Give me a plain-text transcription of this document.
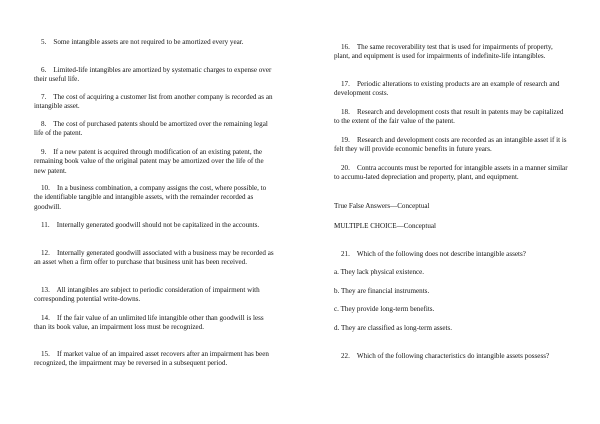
5. Some intangible assets are not required to be amortized every year.

6. Limited-life intangibles are amortized by systematic charges to expense over their useful life.

7. The cost of acquiring a customer list from another company is recorded as an intangible asset.

8. The cost of purchased patents should be amortized over the remaining legal life of the patent.

9. If a new patent is acquired through modification of an existing patent, the remaining book value of the original patent may be amortized over the life of the new patent.

10. In a business combination, a company assigns the cost, where possible, to the identifiable tangible and intangible assets, with the remainder recorded as goodwill.

11. Internally generated goodwill should not be capitalized in the accounts.

12. Internally generated goodwill associated with a business may be recorded as an asset when a firm offer to purchase that business unit has been received.

13. All intangibles are subject to periodic consideration of impairment with corresponding potential write-downs.

14. If the fair value of an unlimited life intangible other than goodwill is less than its book value, an impairment loss must be recognized.

15. If market value of an impaired asset recovers after an impairment has been recognized, the impairment may be reversed in a subsequent period.

16. The same recoverability test that is used for impairments of property, plant, and equipment is used for impairments of indefinite-life intangibles.

17. Periodic alterations to existing products are an example of research and development costs.

18. Research and development costs that result in patents may be capitalized to the extent of the fair value of the patent.

19. Research and development costs are recorded as an intangible asset if it is felt they will provide economic benefits in future years.

20. Contra accounts must be reported for intangible assets in a manner similar to accumu-lated depreciation and property, plant, and equipment.

True False Answers—Conceptual

MULTIPLE CHOICE—Conceptual

21. Which of the following does not describe intangible assets?

a. They lack physical existence.

b. They are financial instruments.

c. They provide long-term benefits.

d. They are classified as long-term assets.

22. Which of the following characteristics do intangible assets possess?
